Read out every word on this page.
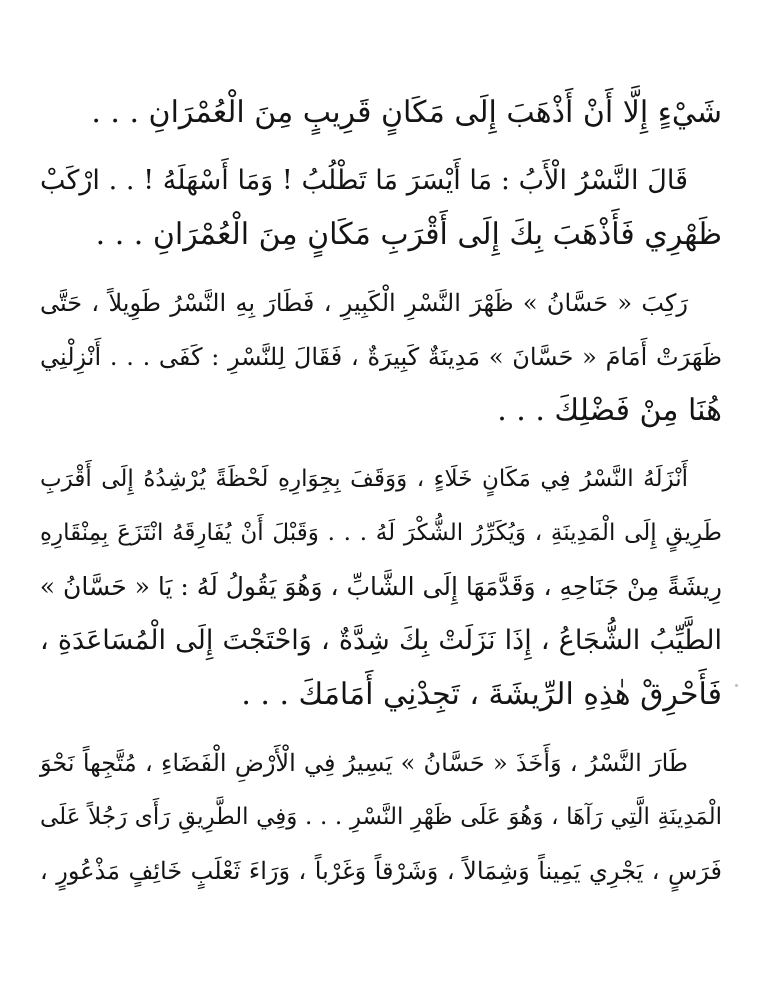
شَيْءٍ إِلَّا أَنْ أَذْهَبَ إِلَى مَكَانٍ قَرِيبٍ مِنَ الْعُمْرَانِ . . .
قَالَ النَّسْرُ الْأَبُ : مَا أَيْسَرَ مَا تَطْلُبُ ! وَمَا أَسْهَلَهُ ! . . ارْكَبْ
ظَهْرِي فَأَذْهَبَ بِكَ إِلَى أَقْرَبِ مَكَانٍ مِنَ الْعُمْرَانِ . . .
رَكِبَ « حَسَّانُ » ظَهْرَ النَّسْرِ الْكَبِيرِ ، فَطَارَ بِهِ النَّسْرُ طَوِيلاً ، حَتَّى
ظَهَرَتْ أَمَامَ « حَسَّانَ » مَدِينَةٌ كَبِيرَةٌ ، فَقَالَ لِلنَّسْرِ : كَفَى . . . أَنْزِلْنِي
هُنَا مِنْ فَضْلِكَ . . .
أَنْزَلَهُ النَّسْرُ فِي مَكَانٍ خَلَاءٍ ، وَوَقَفَ بِجِوَارِهِ لَحْظَةً يُرْشِدُهُ إِلَى أَقْرَبِ
طَرِيقٍ إِلَى الْمَدِينَةِ ، وَيُكَرِّرُ الشُّكْرَ لَهُ . . . وَقَبْلَ أَنْ يُفَارِقَهُ انْتَزَعَ بِمِنْقَارِهِ
رِيشَةً مِنْ جَنَاحِهِ ، وَقَدَّمَهَا إِلَى الشَّابِّ ، وَهُوَ يَقُولُ لَهُ : يَا « حَسَّانُ »
الطَّيِّبُ الشُّجَاعُ ، إِذَا نَزَلَتْ بِكَ شِدَّةٌ ، وَاحْتَجْتَ إِلَى الْمُسَاعَدَةِ ،
فَأَحْرِقْ هٰذِهِ الرِّيشَةَ ، تَجِدْنِي أَمَامَكَ . . .
طَارَ النَّسْرُ ، وَأَخَذَ « حَسَّانُ » يَسِيرُ فِي الْأَرْضِ الْفَضَاءِ ، مُتَّجِهاً نَحْوَ
الْمَدِينَةِ الَّتِي رَآهَا ، وَهُوَ عَلَى ظَهْرِ النَّسْرِ . . . وَفِي الطَّرِيقِ رَأَى رَجُلاً عَلَى
فَرَسٍ ، يَجْرِي يَمِيناً وَشِمَالاً ، وَشَرْقاً وَغَرْباً ، وَرَاءَ ثَعْلَبٍ خَائِفٍ مَذْعُورٍ ،
